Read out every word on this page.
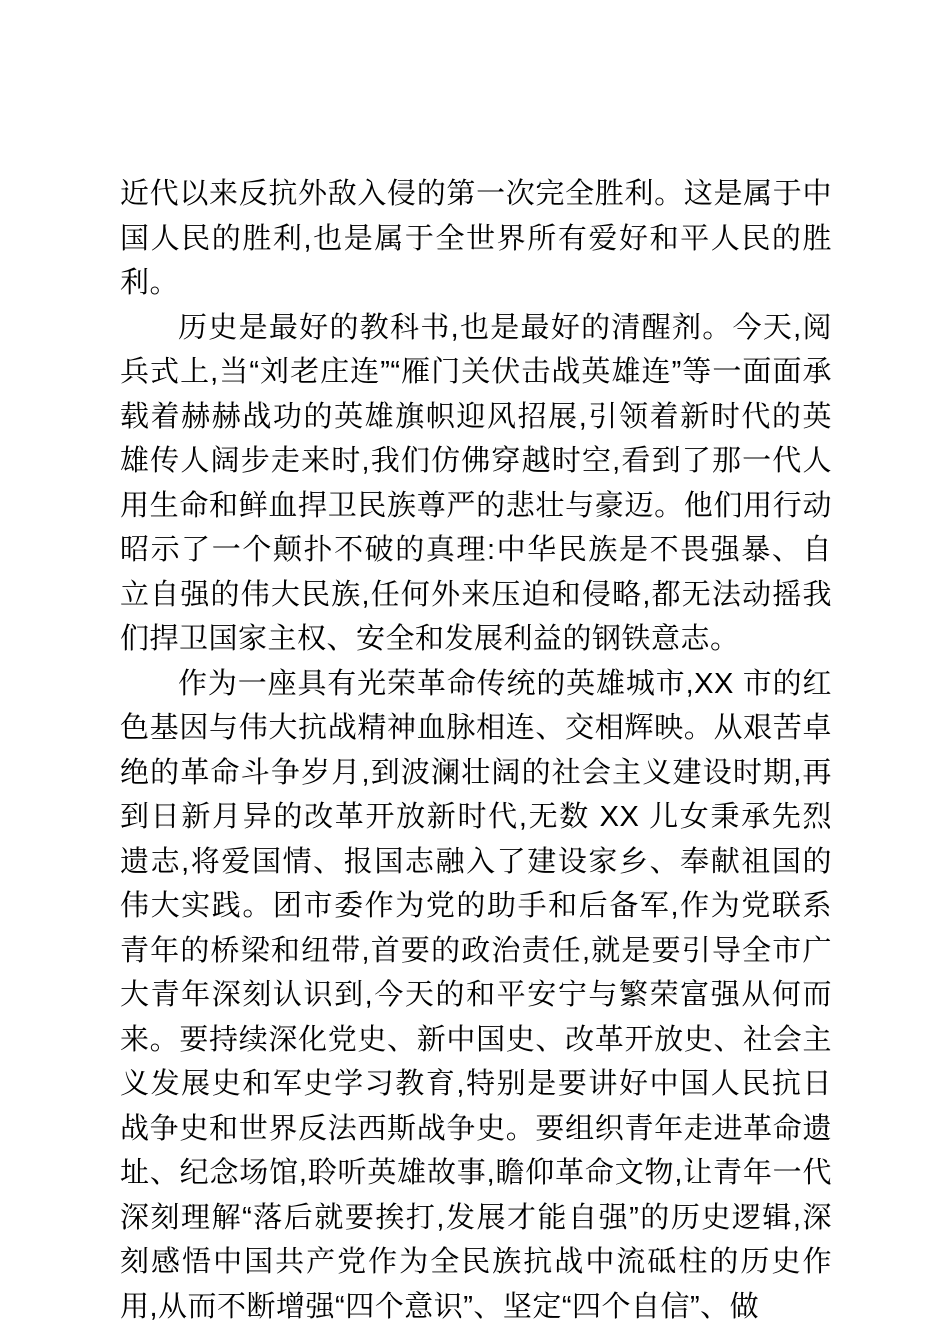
近代以来反抗外敌入侵的第一次完全胜利。这是属于中国人民的胜利,也是属于全世界所有爱好和平人民的胜利。

历史是最好的教科书,也是最好的清醒剂。今天,阅兵式上,当“刘老庄连”“雁门关伏击战英雄连”等一面面承载着赫赫战功的英雄旗帜迎风招展,引领着新时代的英雄传人阔步走来时,我们仿佛穿越时空,看到了那一代人用生命和鲜血捍卫民族尊严的悲壮与豪迈。他们用行动昭示了一个颠扑不破的真理:中华民族是不畏强暴、自立自强的伟大民族,任何外来压迫和侵略,都无法动摇我们捍卫国家主权、安全和发展利益的钢铁意志。

作为一座具有光荣革命传统的英雄城市,XX 市的红色基因与伟大抗战精神血脉相连、交相辉映。从艰苦卓绝的革命斗争岁月,到波澜壮阔的社会主义建设时期,再到日新月异的改革开放新时代,无数 XX 儿女秉承先烈遗志,将爱国情、报国志融入了建设家乡、奉献祖国的伟大实践。团市委作为党的助手和后备军,作为党联系青年的桥梁和纽带,首要的政治责任,就是要引导全市广大青年深刻认识到,今天的和平安宁与繁荣富强从何而来。要持续深化党史、新中国史、改革开放史、社会主义发展史和军史学习教育,特别是要讲好中国人民抗日战争史和世界反法西斯战争史。要组织青年走进革命遗址、纪念场馆,聆听英雄故事,瞻仰革命文物,让青年一代深刻理解“落后就要挨打,发展才能自强”的历史逻辑,深刻感悟中国共产党作为全民族抗战中流砥柱的历史作用,从而不断增强“四个意识”、坚定“四个自信”、做
